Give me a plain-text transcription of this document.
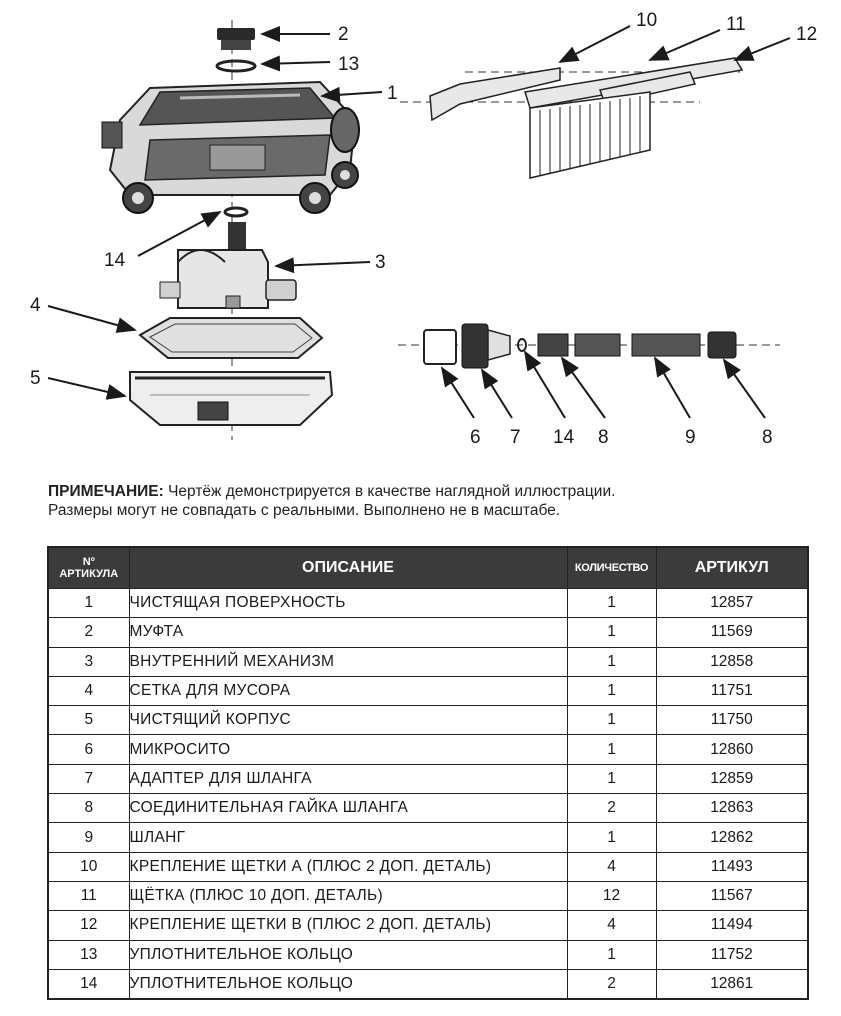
1
2
3
4
5
6 7	8	9	8
10	11	12
13
14
14
ПРИМЕЧАНИЕ: Чертёж демонстрируется в качестве наглядной иллюстрации.
Размеры могут не совпадать с реальными. Выполнено не в масштабе.
Nº
АРТИКУЛА	ОПИСАНИЕ	КОЛИЧЕСТВО	АРТИКУЛ
1	ЧИСТЯЩАЯ ПОВЕРХНОСТЬ	1	12857
2	МУФТА	1	11569
3	ВНУТРЕННИЙ МЕХАНИЗМ	1	12858
4	СЕТКА ДЛЯ МУСОРА	1	11751
5	ЧИСТЯЩИЙ КОРПУС	1	11750
6	МИКРОСИТО	1	12860
7	АДАПТЕР ДЛЯ ШЛАНГА	1	12859
8	СОЕДИНИТЕЛЬНАЯ ГАЙКА ШЛАНГА	2	12863
9	ШЛАНГ	1	12862
10	КРЕПЛЕНИЕ ЩЕТКИ А (ПЛЮС 2 ДОП. ДЕТАЛЬ)	4	11493
11	ЩЁТКА (ПЛЮС 10 ДОП. ДЕТАЛЬ)	12	11567
12	КРЕПЛЕНИЕ ЩЕТКИ В (ПЛЮС 2 ДОП. ДЕТАЛЬ)	4	11494
13	УПЛОТНИТЕЛЬНОЕ КОЛЬЦО	1	11752
14	УПЛОТНИТЕЛЬНОЕ КОЛЬЦО	2	12861
